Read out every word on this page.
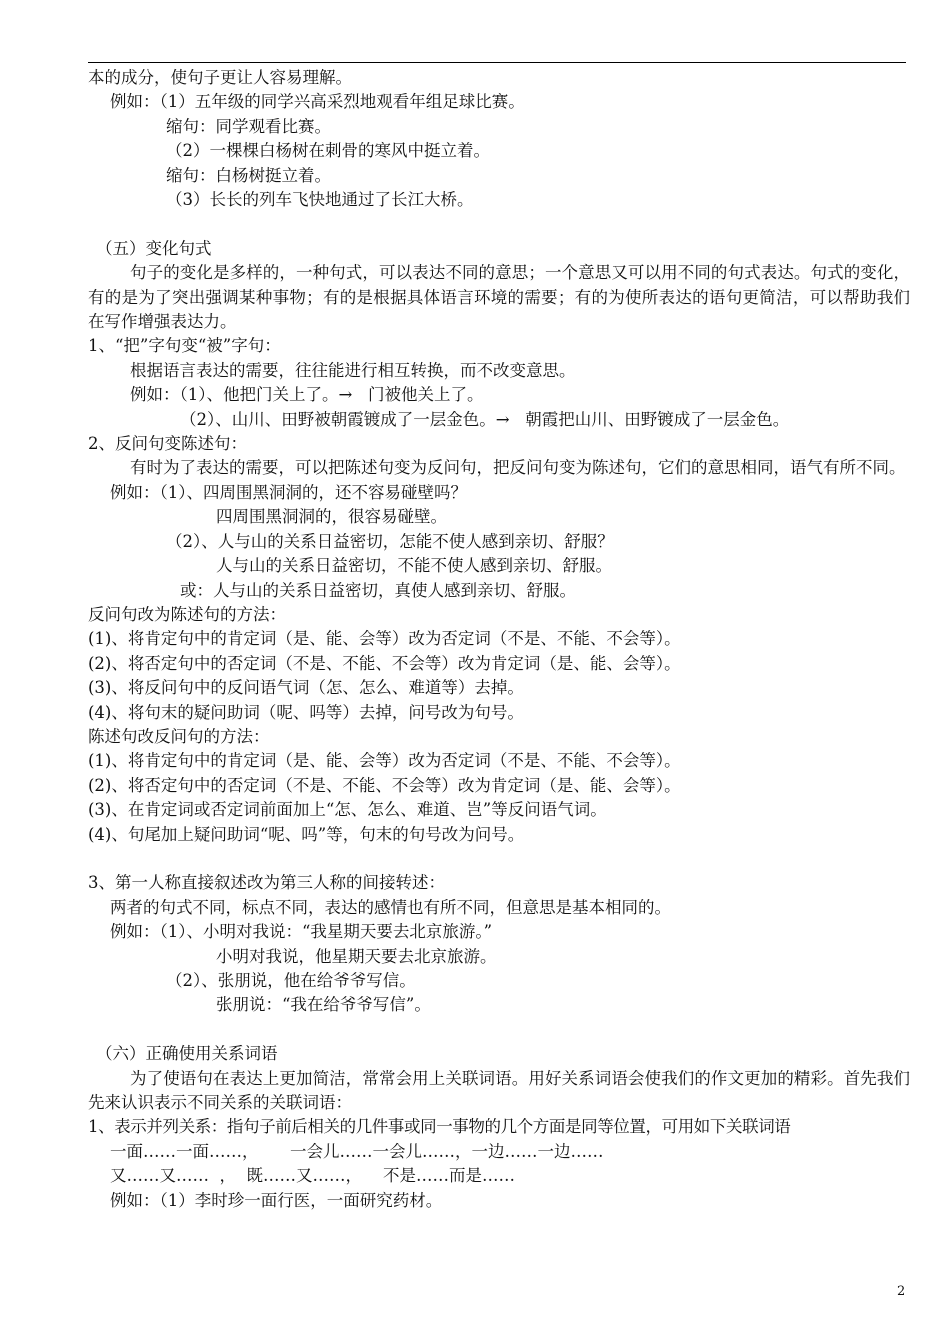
本的成分，使句子更让人容易理解。
例如：（1）五年级的同学兴高采烈地观看年组足球比赛。
缩句：同学观看比赛。
（2）一棵棵白杨树在刺骨的寒风中挺立着。
缩句：白杨树挺立着。
（3）长长的列车飞快地通过了长江大桥。
（五）变化句式
句子的变化是多样的，一种句式，可以表达不同的意思；一个意思又可以用不同的句式表达。句式的变化，有的是为了突出强调某种事物；有的是根据具体语言环境的需要；有的为使所表达的语句更简洁，可以帮助我们在写作增强表达力。
1、“把”字句变“被”字句：
根据语言表达的需要，往往能进行相互转换，而不改变意思。
例如：（1）、他把门关上了。→   门被他关上了。
（2）、山川、田野被朝霞镀成了一层金色。→   朝霞把山川、田野镀成了一层金色。
2、反问句变陈述句：
有时为了表达的需要，可以把陈述句变为反问句，把反问句变为陈述句，它们的意思相同，语气有所不同。
例如：（1）、四周围黑洞洞的，还不容易碰壁吗？
四周围黑洞洞的，很容易碰壁。
（2）、人与山的关系日益密切，怎能不使人感到亲切、舒服？
人与山的关系日益密切，不能不使人感到亲切、舒服。
或：人与山的关系日益密切，真使人感到亲切、舒服。
反问句改为陈述句的方法：
(1)、将肯定句中的肯定词（是、能、会等）改为否定词（不是、不能、不会等）。
(2)、将否定句中的否定词（不是、不能、不会等）改为肯定词（是、能、会等）。
(3)、将反问句中的反问语气词（怎、怎么、难道等）去掉。
(4)、将句末的疑问助词（呢、吗等）去掉，问号改为句号。
陈述句改反问句的方法：
(1)、将肯定句中的肯定词（是、能、会等）改为否定词（不是、不能、不会等）。
(2)、将否定句中的否定词（不是、不能、不会等）改为肯定词（是、能、会等）。
(3)、在肯定词或否定词前面加上“怎、怎么、难道、岂”等反问语气词。
(4)、句尾加上疑问助词“呢、吗”等，句末的句号改为问号。
3、第一人称直接叙述改为第三人称的间接转述：
两者的句式不同，标点不同，表达的感情也有所不同，但意思是基本相同的。
例如：（1）、小明对我说：“我星期天要去北京旅游。”
小明对我说，他星期天要去北京旅游。
（2）、张朋说，他在给爷爷写信。
张朋说：“我在给爷爷写信”。
（六）正确使用关系词语
为了使语句在表达上更加简洁，常常会用上关联词语。用好关系词语会使我们的作文更加的精彩。首先我们先来认识表示不同关系的关联词语：
1、表示并列关系：指句子前后相关的几件事或同一事物的几个方面是同等位置，可用如下关联词语
一面……一面……，      一会儿……一会儿……，一边……一边……
又……又……  ，  既……又……，    不是……而是……
例如：（1）李时珍一面行医，一面研究药材。
2
